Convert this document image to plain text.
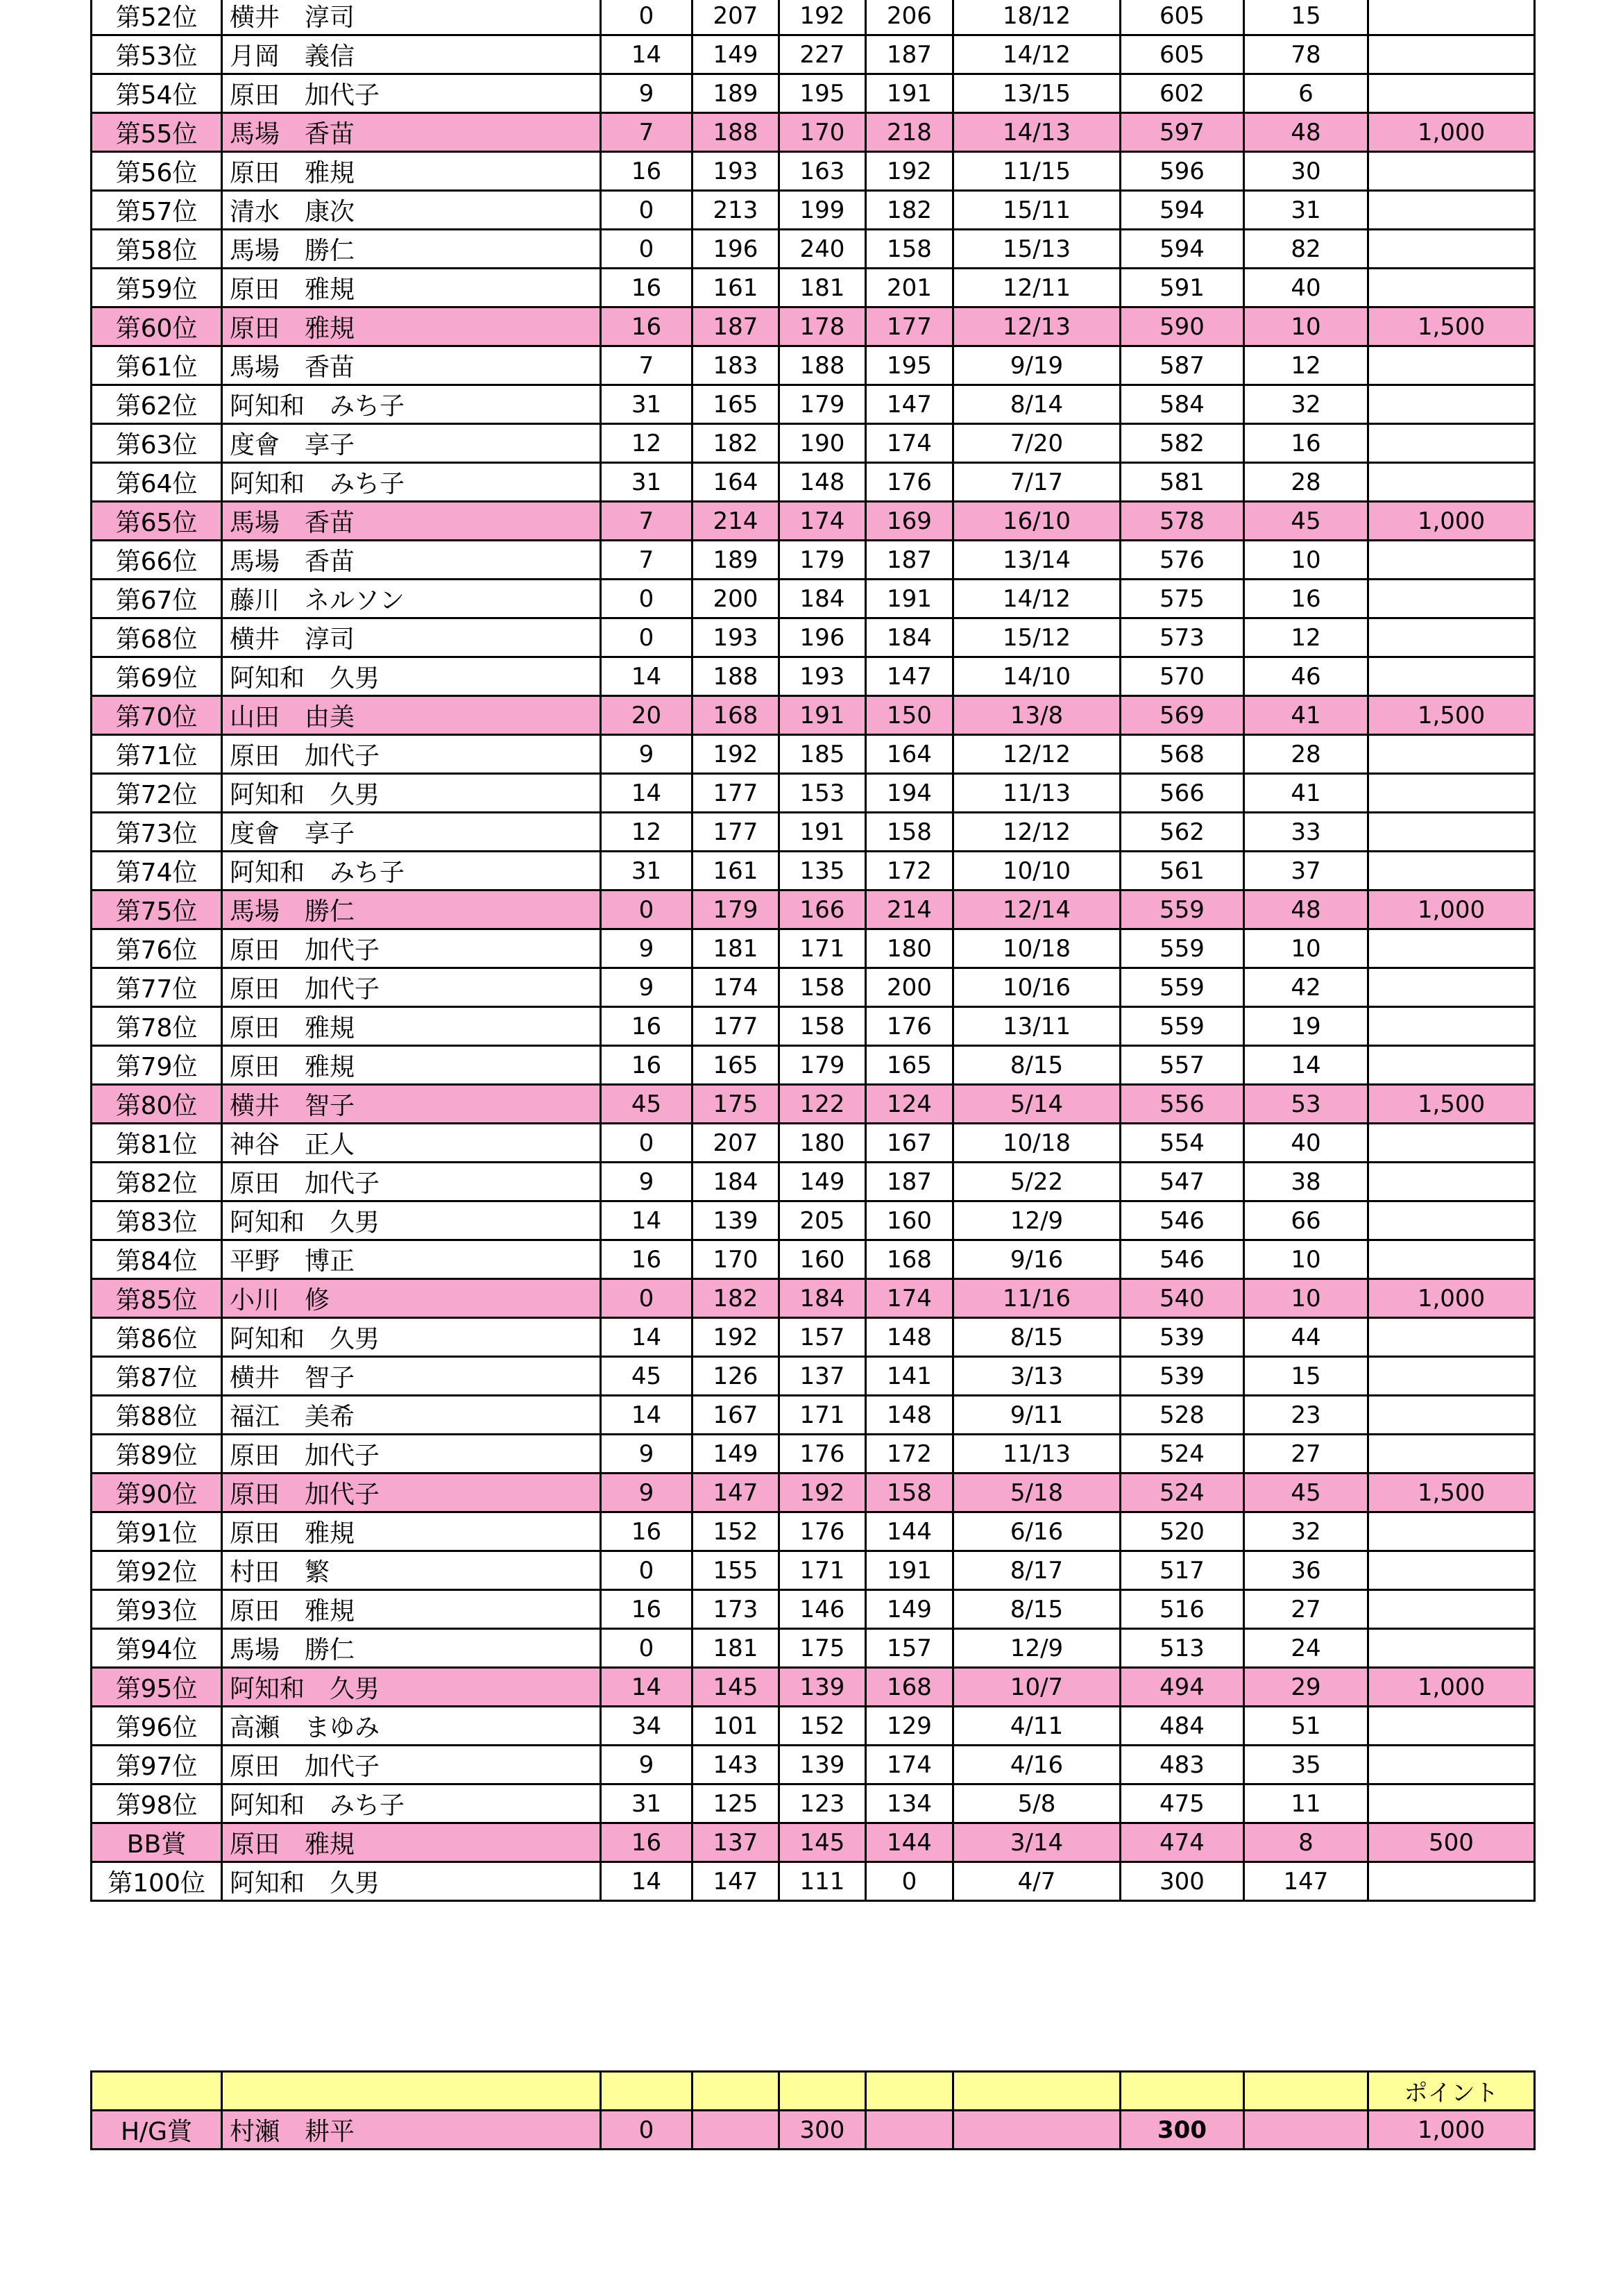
第52位	横井　淳司	0	207	192	206	18/12	605	15	
第53位	月岡　義信	14	149	227	187	14/12	605	78	
第54位	原田　加代子	9	189	195	191	13/15	602	6	
第55位	馬場　香苗	7	188	170	218	14/13	597	48	1,000
第56位	原田　雅規	16	193	163	192	11/15	596	30	
第57位	清水　康次	0	213	199	182	15/11	594	31	
第58位	馬場　勝仁	0	196	240	158	15/13	594	82	
第59位	原田　雅規	16	161	181	201	12/11	591	40	
第60位	原田　雅規	16	187	178	177	12/13	590	10	1,500
第61位	馬場　香苗	7	183	188	195	9/19	587	12	
第62位	阿知和　みち子	31	165	179	147	8/14	584	32	
第63位	度會　享子	12	182	190	174	7/20	582	16	
第64位	阿知和　みち子	31	164	148	176	7/17	581	28	
第65位	馬場　香苗	7	214	174	169	16/10	578	45	1,000
第66位	馬場　香苗	7	189	179	187	13/14	576	10	
第67位	藤川　ネルソン	0	200	184	191	14/12	575	16	
第68位	横井　淳司	0	193	196	184	15/12	573	12	
第69位	阿知和　久男	14	188	193	147	14/10	570	46	
第70位	山田　由美	20	168	191	150	13/8	569	41	1,500
第71位	原田　加代子	9	192	185	164	12/12	568	28	
第72位	阿知和　久男	14	177	153	194	11/13	566	41	
第73位	度會　享子	12	177	191	158	12/12	562	33	
第74位	阿知和　みち子	31	161	135	172	10/10	561	37	
第75位	馬場　勝仁	0	179	166	214	12/14	559	48	1,000
第76位	原田　加代子	9	181	171	180	10/18	559	10	
第77位	原田　加代子	9	174	158	200	10/16	559	42	
第78位	原田　雅規	16	177	158	176	13/11	559	19	
第79位	原田　雅規	16	165	179	165	8/15	557	14	
第80位	横井　智子	45	175	122	124	5/14	556	53	1,500
第81位	神谷　正人	0	207	180	167	10/18	554	40	
第82位	原田　加代子	9	184	149	187	5/22	547	38	
第83位	阿知和　久男	14	139	205	160	12/9	546	66	
第84位	平野　博正	16	170	160	168	9/16	546	10	
第85位	小川　修	0	182	184	174	11/16	540	10	1,000
第86位	阿知和　久男	14	192	157	148	8/15	539	44	
第87位	横井　智子	45	126	137	141	3/13	539	15	
第88位	福江　美希	14	167	171	148	9/11	528	23	
第89位	原田　加代子	9	149	176	172	11/13	524	27	
第90位	原田　加代子	9	147	192	158	5/18	524	45	1,500
第91位	原田　雅規	16	152	176	144	6/16	520	32	
第92位	村田　繁	0	155	171	191	8/17	517	36	
第93位	原田　雅規	16	173	146	149	8/15	516	27	
第94位	馬場　勝仁	0	181	175	157	12/9	513	24	
第95位	阿知和　久男	14	145	139	168	10/7	494	29	1,000
第96位	高瀬　まゆみ	34	101	152	129	4/11	484	51	
第97位	原田　加代子	9	143	139	174	4/16	483	35	
第98位	阿知和　みち子	31	125	123	134	5/8	475	11	
BB賞	原田　雅規	16	137	145	144	3/14	474	8	500
第100位	阿知和　久男	14	147	111	0	4/7	300	147	
									ポイント
H/G賞	村瀬　耕平	0		300			300		1,000
